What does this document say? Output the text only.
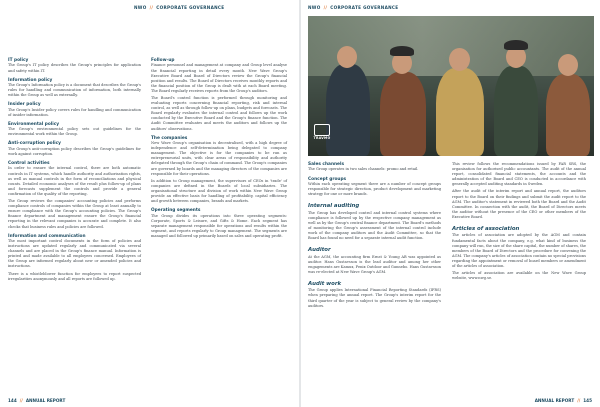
NWO // CORPORATE GOVERNANCE
IT policy

The Group's IT policy describes the Group's principles for application and safety within IT.

Information policy

The Group's Information policy is a document that describes the Group's rules for handling and communication of information, both internally within the Group as well as externally.

Insider policy

The Group's Insider policy covers rules for handling and communication of insider information.

Environmental policy

The Group's environmental policy sets out guidelines for the environmental work within the Group.

Anti-corruption policy

The Group's anti-corruption policy describes the Group's guidelines for work against corruption.

Control activities

In order to ensure the internal control, there are both automatic controls in IT systems, which handle authority and authorisation rights, as well as manual controls in the form of reconciliations and physical counts. Detailed economic analyses of the result plus follow-up of plans and forecasts supplement the controls and provide a general confirmation of the quality of the reporting.

The Group reviews the companies' accounting policies and performs compliance controls of companies within the Group at least annually to ensure compliance with the Group's accounting policies. The Group's finance department and management ensure the Group's financial reporting in the relevant companies is accurate and complete. It also checks that business rules and policies are followed.

Information and communication

The most important control documents in the form of policies and instructions are updated regularly and communicated via several channels and are placed in the Group's finance manual. Information is printed and made available to all employees concerned. Employees of the Group are informed regularly about new or amended policies and instructions.

There is a whistleblower function for employees to report suspected irregularities anonymously and all reports are followed up.

Follow-up

Finance personnel and management at company and Group level analyse the financial reporting in detail every month. New Wave Group's Executive Board and Board of Directors review the Group's financial position and results. The Board of Directors receives monthly reports and the financial position of the Group is dealt with at each Board meeting. The Board regularly receives reports from the Group's auditors.

The Board's control function is performed through monitoring and evaluating reports concerning financial reporting, risk and internal control, as well as through follow-up on plans, budgets and forecasts. The Board regularly evaluates the internal control and follows up the work conducted by the Executive Board and the Group's finance function. The Audit Committee evaluates and meets the auditors and follows up the auditors' observations.

The companies

New Wave Group's organisation is decentralised, with a high degree of independence and self-determination being delegated to company management. The objective is for the companies to be run as entrepreneurial units, with clear areas of responsibility and authority delegated through the Group's chain of command. The Group's companies are governed by boards and the managing directors of the companies are responsible for their operations.

In addition to Group management, the supervisors of CEOs in 'trade' of companies are defined in the Boards of local subsidiaries. The organisational structure and division of work within New Wave Group provide an effective basis for handling of profitability, capital efficiency and growth between companies, brands and markets.

Operating segments

The Group divides its operations into three operating segments: Corporate, Sports & Leisure, and Gifts & Home. Each segment has separate management responsible for operations and results within the segment, and reports regularly to Group management. The segments are managed and followed up primarily based on sales and operating profit.

144 // ANNUAL REPORT
NWO // CORPORATE GOVERNANCE
Sales channels

The Group operates in two sales channels: promo and retail.

Concept groups

Within each operating segment there are a number of concept groups responsible for strategic direction, product development and marketing strategy for one or more brands.

Internal auditing

The Group has developed control and internal control systems where compliance is followed up by the respective company management as well as by the Group's central finance department. The Board's methods of monitoring the Group's assessment of the internal control include work of the company auditors and the Audit Committee, so that the Board has found no need for a separate internal audit function.

Auditor

At the AGM, the accounting firm Ernst & Young AB was appointed as auditor. Hans Gustavsson is the lead auditor and among her other engagements are Kamux, Fenix Outdoor and Gunnebo. Hans Gustavsson was re-elected at New Wave Group's AGM.

Audit work

The Group applies International Financial Reporting Standards (IFRS) when preparing the annual report. The Group's interim report for the third quarter of the year is subject to general review by the company's auditors.

This review follows the recommendations issued by FAR SRS, the organisation for authorised public accountants. The audit of the annual report, consolidated financial statements, the accounts and the administration of the Board and CEO is conducted in accordance with generally accepted auditing standards in Sweden.

After the audit of the interim report and annual report, the auditors report to the Board on their findings and submit the audit report to the AGM. The auditor's statement in reviewed both the Board and the Audit Committee. In connection with the audit, the Board of Directors meets the auditor without the presence of the CEO or other members of the Executive Board.

Articles of association

The articles of association are adopted by the AGM and contain fundamental facts about the company, e.g. what kind of business the company will run, the size of the share capital, the number of shares, the members of the Board of Directors and the procedure for convening the AGM. The company's articles of association contain no special provisions regarding the appointment or removal of board members or amendment of the articles of association.

The articles of association are available on the New Wave Group website, www.nwg.se.

ANNUAL REPORT // 145
TRAVMO
